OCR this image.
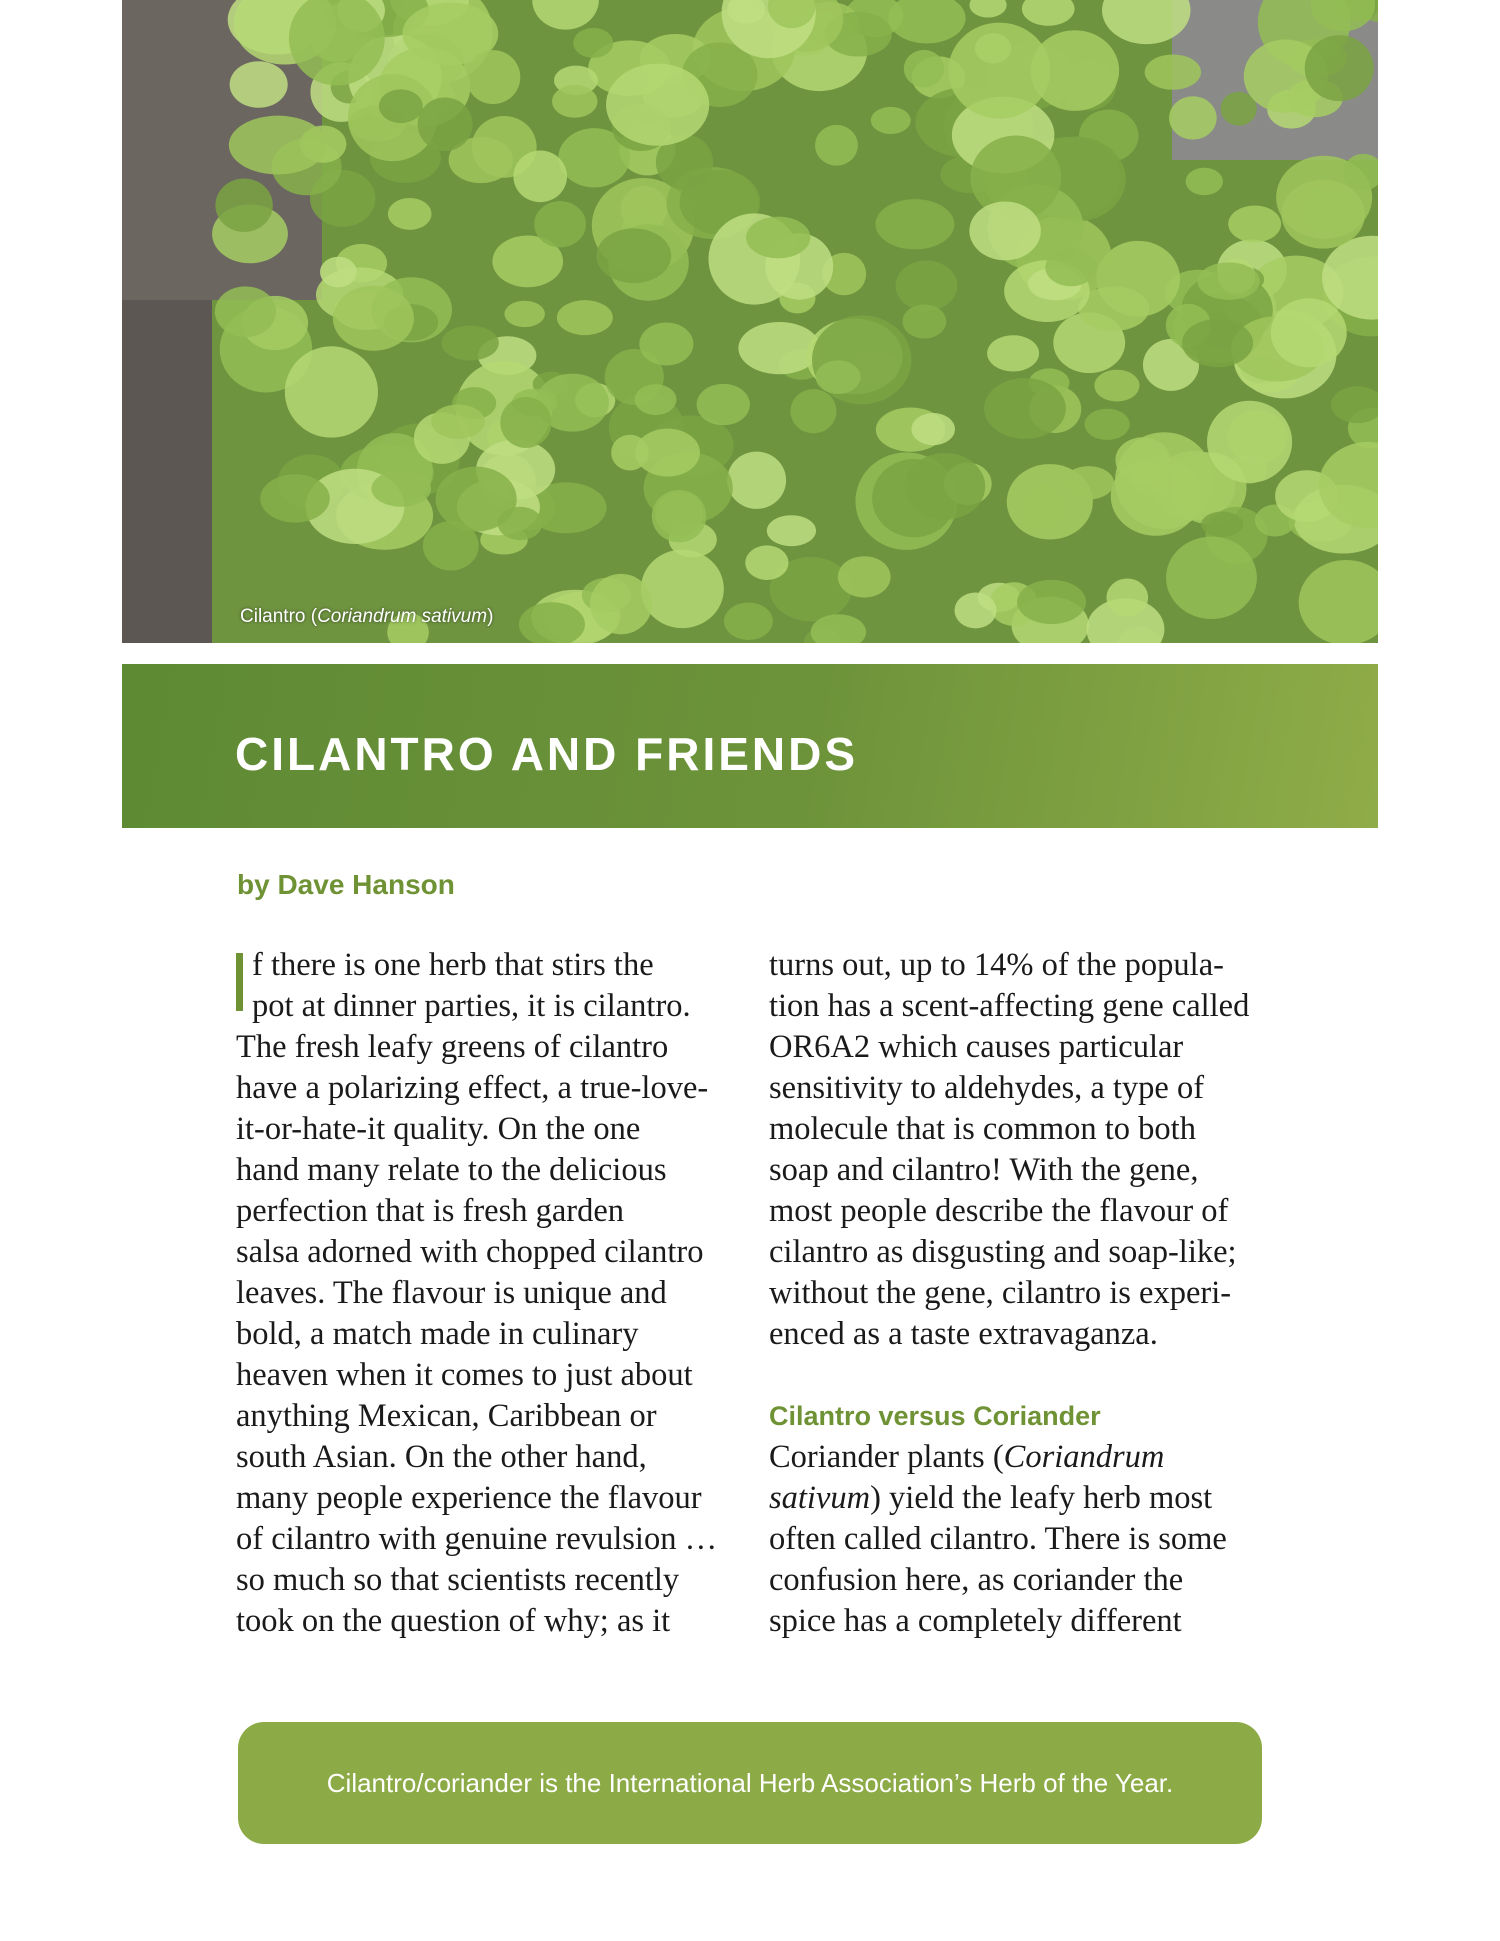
Cilantro (Coriandrum sativum)
CILANTRO AND FRIENDS
by Dave Hanson
f there is one herb that stirs the
pot at dinner parties, it is cilantro.
The fresh leafy greens of cilantro
have a polarizing effect, a true-love-
it-or-hate-it quality. On the one
hand many relate to the delicious
perfection that is fresh garden
salsa adorned with chopped cilantro
leaves. The flavour is unique and
bold, a match made in culinary
heaven when it comes to just about
anything Mexican, Caribbean or
south Asian. On the other hand,
many people experience the flavour
of cilantro with genuine revulsion …
so much so that scientists recently
took on the question of why; as it
turns out, up to 14% of the popula-
tion has a scent-affecting gene called
OR6A2 which causes particular
sensitivity to aldehydes, a type of
molecule that is common to both
soap and cilantro! With the gene,
most people describe the flavour of
cilantro as disgusting and soap-like;
without the gene, cilantro is experi-
enced as a taste extravaganza.
Cilantro versus Coriander
Coriander plants (Coriandrum
sativum) yield the leafy herb most
often called cilantro. There is some
confusion here, as coriander the
spice has a completely different
Cilantro/coriander is the International Herb Association’s Herb of the Year.
